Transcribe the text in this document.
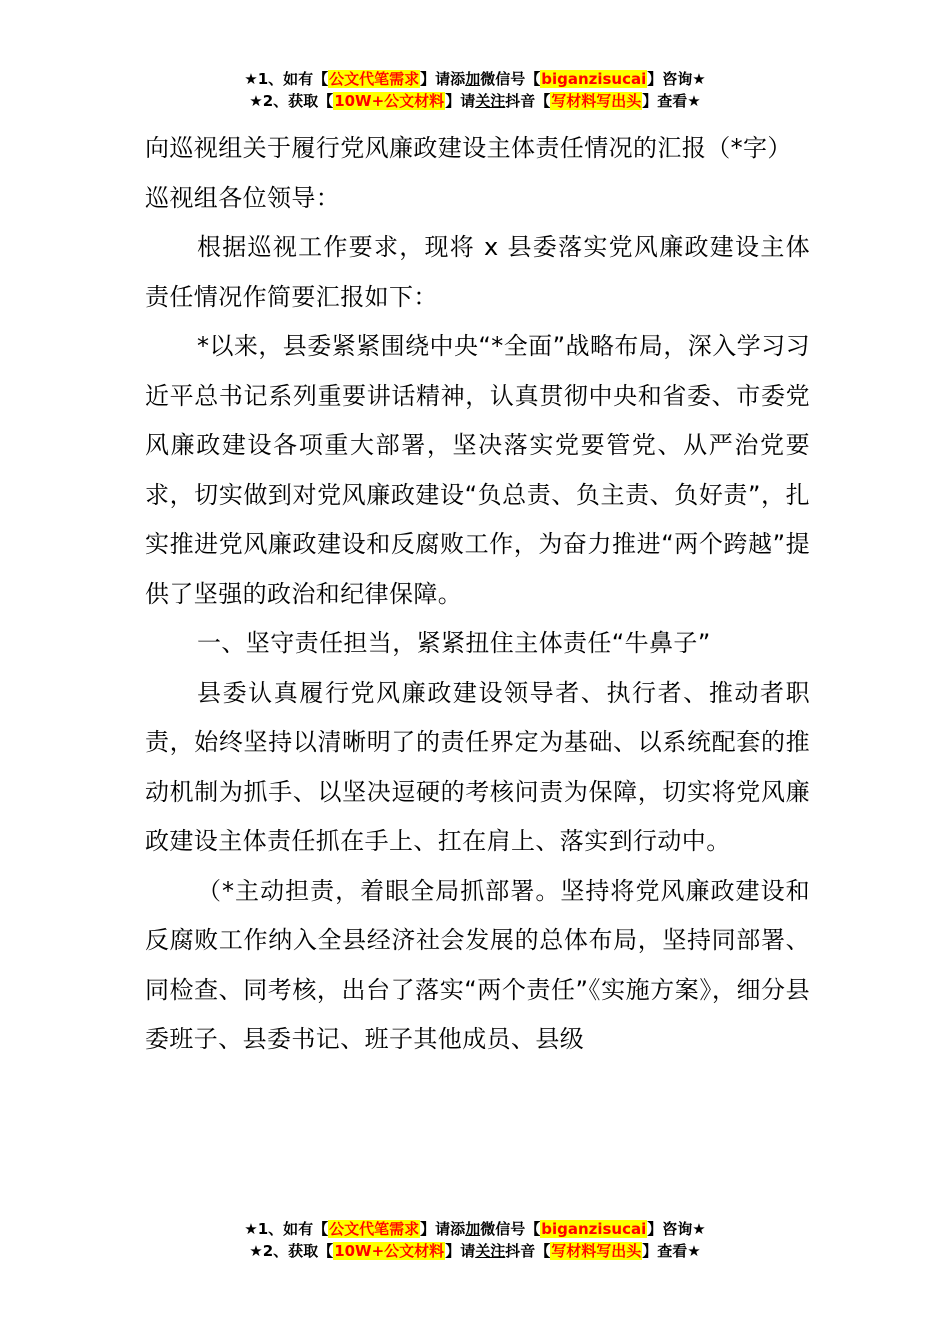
★1、如有【公文代笔需求】请添加微信号【biganzisucai】咨询★
★2、获取【10W+公文材料】请关注抖音【写材料写出头】查看★

向巡视组关于履行党风廉政建设主体责任情况的汇报（*字）

巡视组各位领导：

根据巡视工作要求，现将 x 县委落实党风廉政建设主体责任情况作简要汇报如下：

*以来，县委紧紧围绕中央“*全面”战略布局，深入学习习近平总书记系列重要讲话精神，认真贯彻中央和省委、市委党风廉政建设各项重大部署，坚决落实党要管党、从严治党要求，切实做到对党风廉政建设“负总责、负主责、负好责”，扎实推进党风廉政建设和反腐败工作，为奋力推进“两个跨越”提供了坚强的政治和纪律保障。

一、坚守责任担当，紧紧扭住主体责任“牛鼻子”

县委认真履行党风廉政建设领导者、执行者、推动者职责，始终坚持以清晰明了的责任界定为基础、以系统配套的推动机制为抓手、以坚决逗硬的考核问责为保障，切实将党风廉政建设主体责任抓在手上、扛在肩上、落实到行动中。

（*主动担责，着眼全局抓部署。坚持将党风廉政建设和反腐败工作纳入全县经济社会发展的总体布局，坚持同部署、同检查、同考核，出台了落实“两个责任”《实施方案》，细分县委班子、县委书记、班子其他成员、县级

★1、如有【公文代笔需求】请添加微信号【biganzisucai】咨询★
★2、获取【10W+公文材料】请关注抖音【写材料写出头】查看★
